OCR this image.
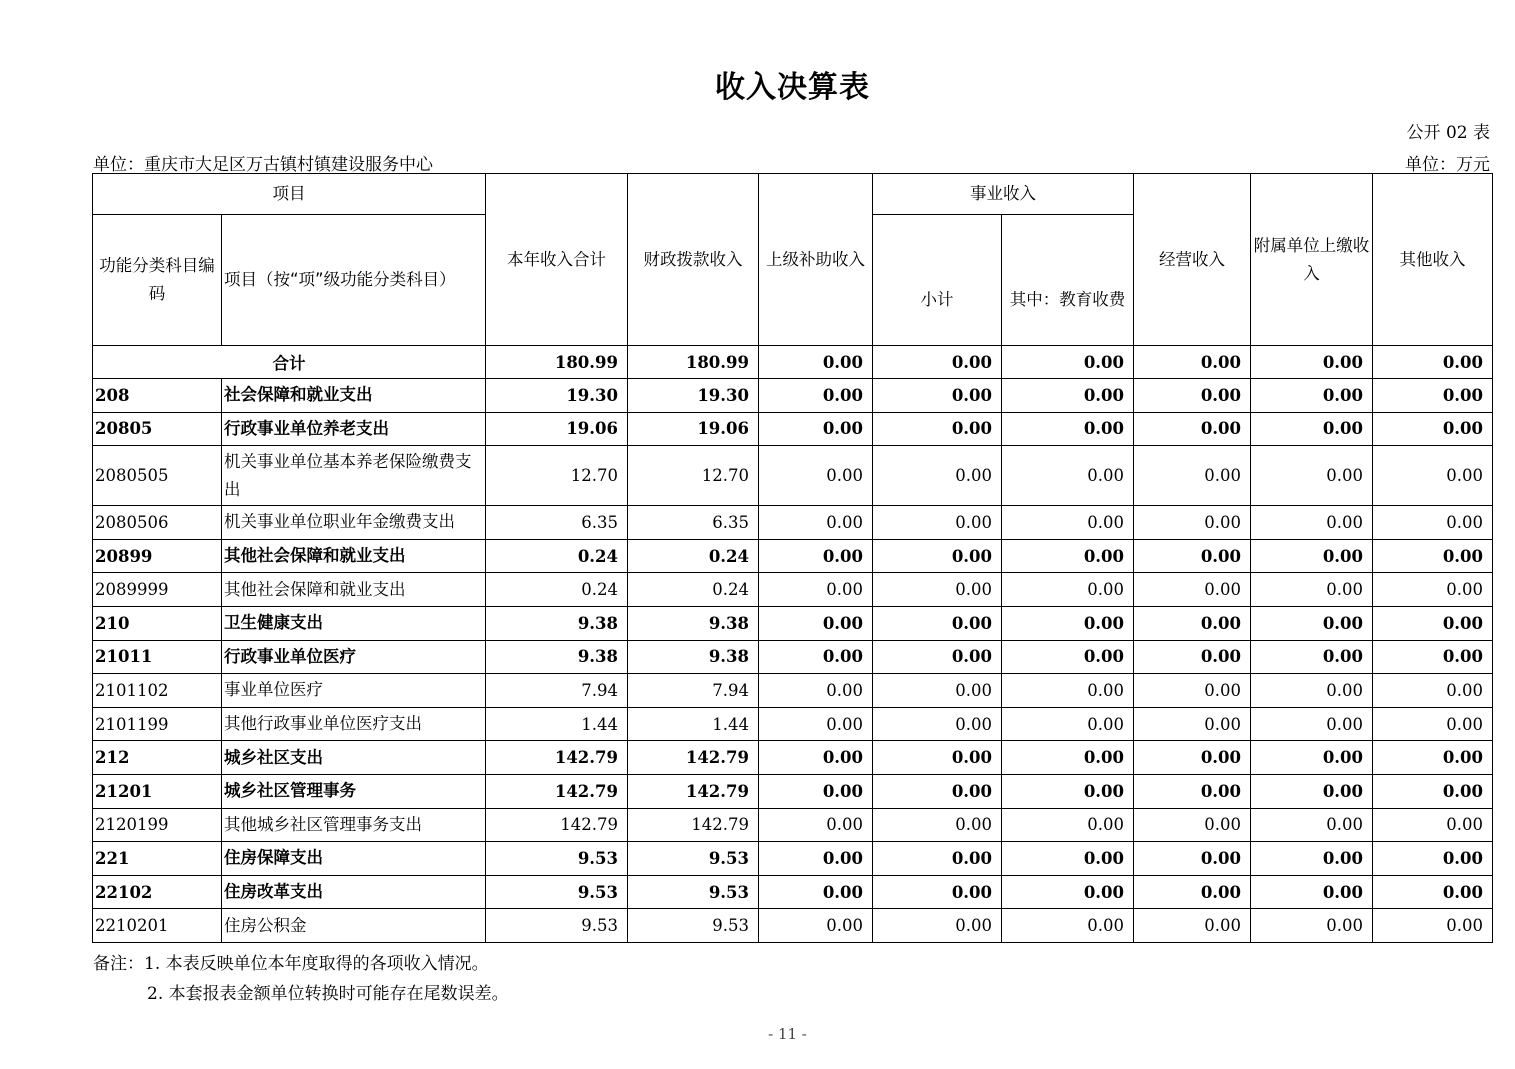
收入决算表
公开 02 表
单位：重庆市大足区万古镇村镇建设服务中心	单位：万元
项目		本年收入合计	财政拨款收入	上级补助收入	事业收入		经营收入	附属单位上缴收入	其他收入
功能分类科目编码	项目（按“项”级功能分类科目）				小计	其中：教育收费			
合计		180.99	180.99	0.00	0.00	0.00	0.00	0.00	0.00
208	社会保障和就业支出	19.30	19.30	0.00	0.00	0.00	0.00	0.00	0.00
20805	行政事业单位养老支出	19.06	19.06	0.00	0.00	0.00	0.00	0.00	0.00
2080505	机关事业单位基本养老保险缴费支出	12.70	12.70	0.00	0.00	0.00	0.00	0.00	0.00
2080506	机关事业单位职业年金缴费支出	6.35	6.35	0.00	0.00	0.00	0.00	0.00	0.00
20899	其他社会保障和就业支出	0.24	0.24	0.00	0.00	0.00	0.00	0.00	0.00
2089999	其他社会保障和就业支出	0.24	0.24	0.00	0.00	0.00	0.00	0.00	0.00
210	卫生健康支出	9.38	9.38	0.00	0.00	0.00	0.00	0.00	0.00
21011	行政事业单位医疗	9.38	9.38	0.00	0.00	0.00	0.00	0.00	0.00
2101102	事业单位医疗	7.94	7.94	0.00	0.00	0.00	0.00	0.00	0.00
2101199	其他行政事业单位医疗支出	1.44	1.44	0.00	0.00	0.00	0.00	0.00	0.00
212	城乡社区支出	142.79	142.79	0.00	0.00	0.00	0.00	0.00	0.00
21201	城乡社区管理事务	142.79	142.79	0.00	0.00	0.00	0.00	0.00	0.00
2120199	其他城乡社区管理事务支出	142.79	142.79	0.00	0.00	0.00	0.00	0.00	0.00
221	住房保障支出	9.53	9.53	0.00	0.00	0.00	0.00	0.00	0.00
22102	住房改革支出	9.53	9.53	0.00	0.00	0.00	0.00	0.00	0.00
2210201	住房公积金	9.53	9.53	0.00	0.00	0.00	0.00	0.00	0.00
备注：1. 本表反映单位本年度取得的各项收入情况。
2. 本套报表金额单位转换时可能存在尾数误差。
- 11 -
